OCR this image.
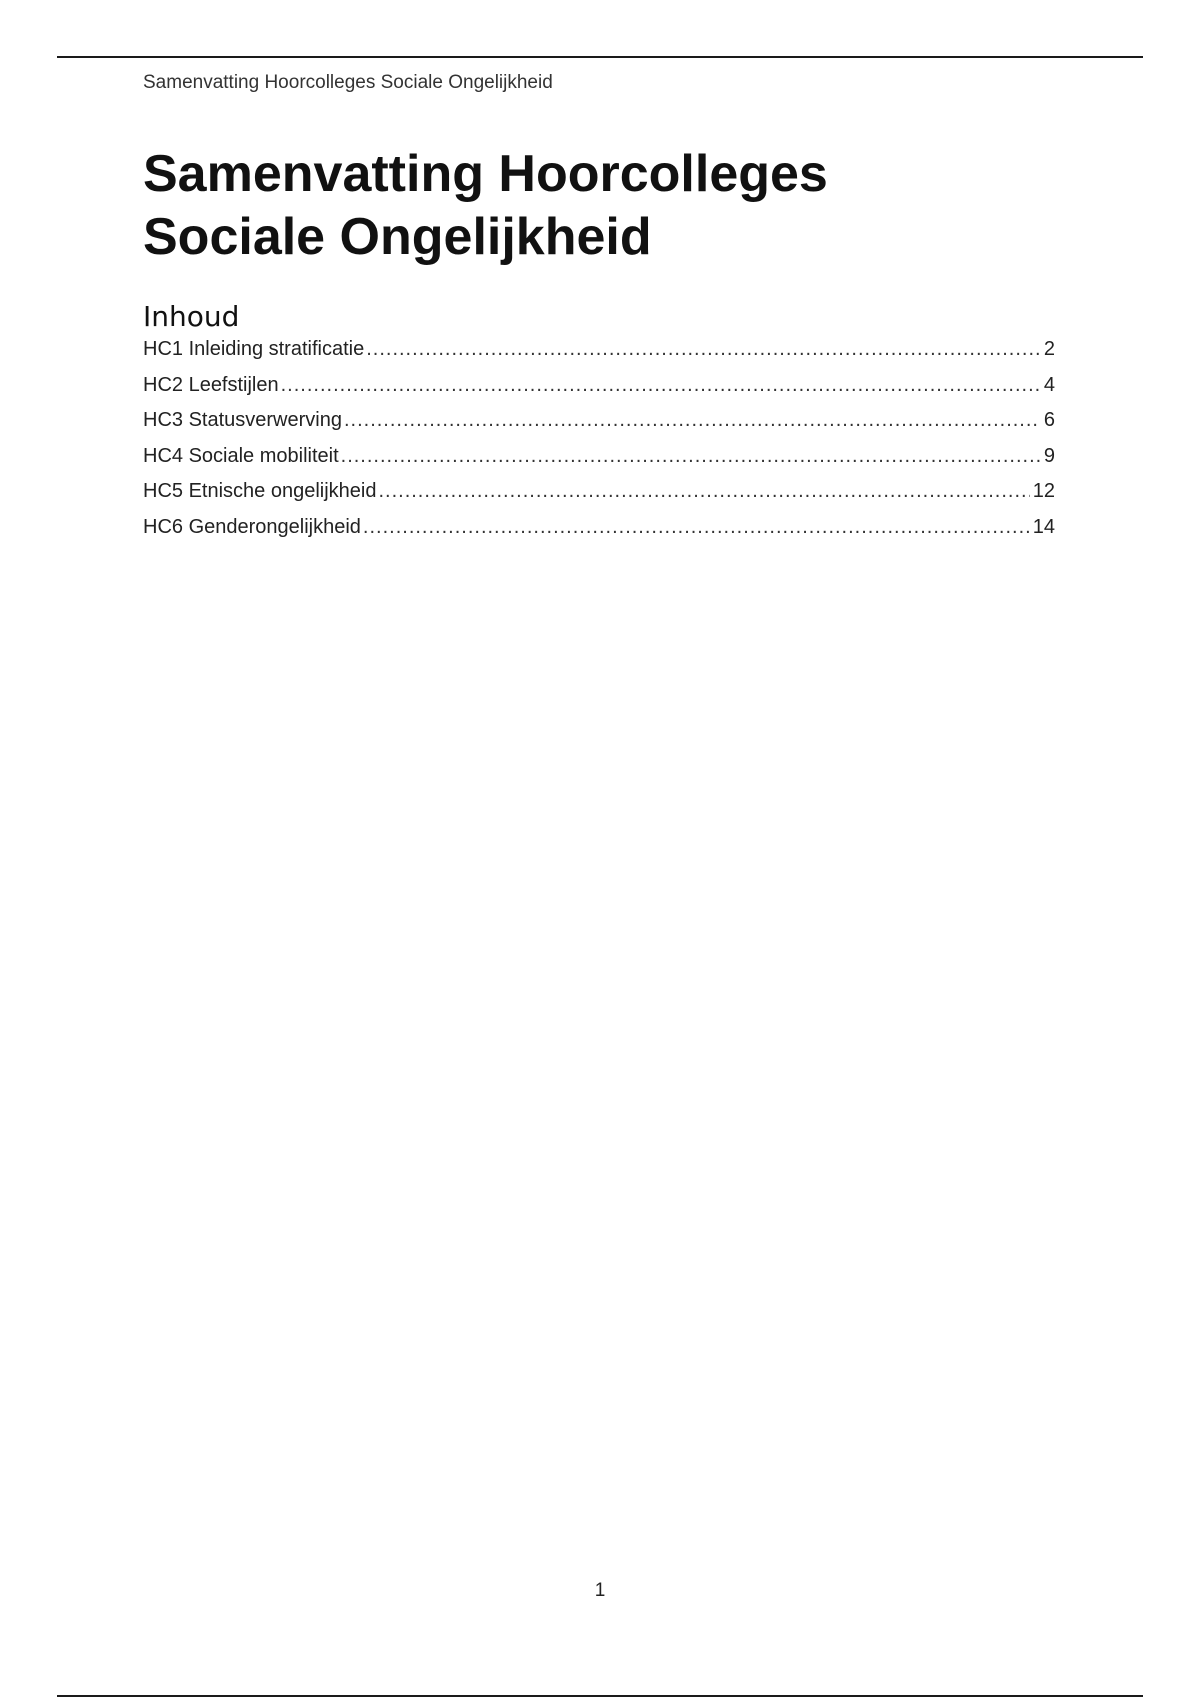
Samenvatting Hoorcolleges Sociale Ongelijkheid
Samenvatting Hoorcolleges
Sociale Ongelijkheid
Inhoud
HC1 Inleiding stratificatie .....	2
HC2 Leefstijlen .....	4
HC3 Statusverwerving .....	6
HC4 Sociale mobiliteit .....	9
HC5 Etnische ongelijkheid .....	12
HC6 Genderongelijkheid .....	14
1
